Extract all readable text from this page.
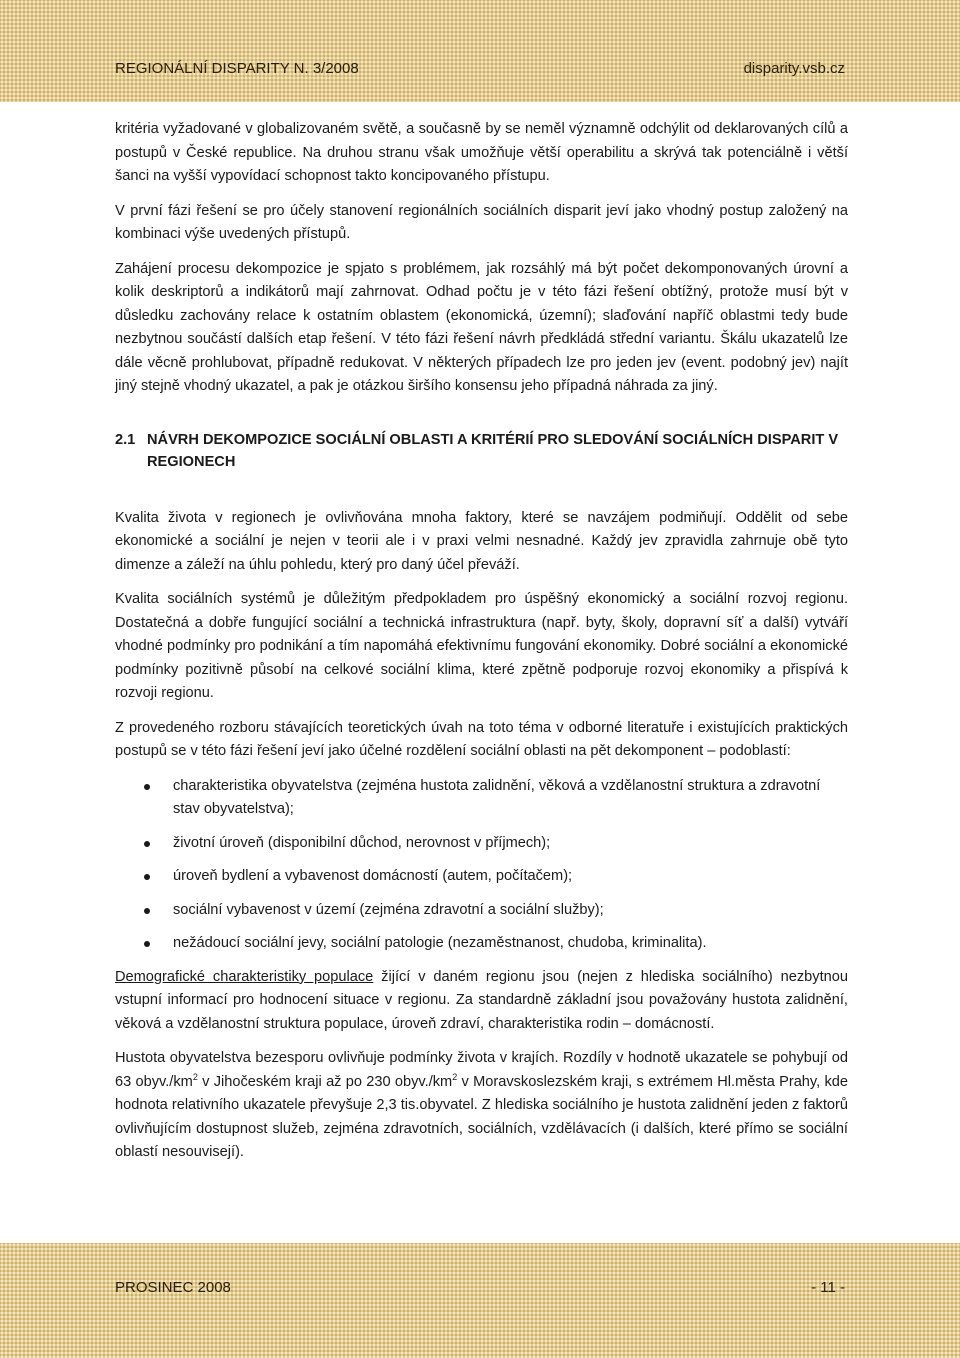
REGIONÁLNÍ DISPARITY N. 3/2008	disparity.vsb.cz

kritéria vyžadované v globalizovaném světě, a současně by se neměl významně odchýlit od deklarovaných cílů a postupů v České republice. Na druhou stranu však umožňuje větší operabilitu a skrývá tak potenciálně i větší šanci na vyšší vypovídací schopnost takto koncipovaného přístupu.

V první fázi řešení se pro účely stanovení regionálních sociálních disparit jeví jako vhodný postup založený na kombinaci výše uvedených přístupů.

Zahájení procesu dekompozice je spjato s problémem, jak rozsáhlý má být počet dekomponovaných úrovní a kolik deskriptorů a indikátorů mají zahrnovat. Odhad počtu je v této fázi řešení obtížný, protože musí být v důsledku zachovány relace k ostatním oblastem (ekonomická, územní); slaďování napříč oblastmi tedy bude nezbytnou součástí dalších etap řešení. V této fázi řešení návrh předkládá střední variantu. Škálu ukazatelů lze dále věcně prohlubovat, případně redukovat. V některých případech lze pro jeden jev (event. podobný jev) najít jiný stejně vhodný ukazatel, a pak je otázkou širšího konsensu jeho případná náhrada za jiný.

2.1 NÁVRH DEKOMPOZICE SOCIÁLNÍ OBLASTI A KRITÉRIÍ PRO SLEDOVÁNÍ SOCIÁLNÍCH DISPARIT V REGIONECH

Kvalita života v regionech je ovlivňována mnoha faktory, které se navzájem podmiňují. Oddělit od sebe ekonomické a sociální je nejen v teorii ale i v praxi velmi nesnadné. Každý jev zpravidla zahrnuje obě tyto dimenze a záleží na úhlu pohledu, který pro daný účel převáží.

Kvalita sociálních systémů je důležitým předpokladem pro úspěšný ekonomický a sociální rozvoj regionu. Dostatečná a dobře fungující sociální a technická infrastruktura (např. byty, školy, dopravní síť a další) vytváří vhodné podmínky pro podnikání a tím napomáhá efektivnímu fungování ekonomiky. Dobré sociální a ekonomické podmínky pozitivně působí na celkové sociální klima, které zpětně podporuje rozvoj ekonomiky a přispívá k rozvoji regionu.

Z provedeného rozboru stávajících teoretických úvah na toto téma v odborné literatuře i existujících praktických postupů se v této fázi řešení jeví jako účelné rozdělení sociální oblasti na pět dekomponent – podoblastí:

charakteristika obyvatelstva (zejména hustota zalidnění, věková a vzdělanostní struktura a zdravotní stav obyvatelstva);
životní úroveň (disponibilní důchod, nerovnost v příjmech);
úroveň bydlení a vybavenost domácností (autem, počítačem);
sociální vybavenost v území (zejména zdravotní a sociální služby);
nežádoucí sociální jevy, sociální patologie (nezaměstnanost, chudoba, kriminalita).

Demografické charakteristiky populace žijící v daném regionu jsou (nejen z hlediska sociálního) nezbytnou vstupní informací pro hodnocení situace v regionu. Za standardně základní jsou považovány hustota zalidnění, věková a vzdělanostní struktura populace, úroveň zdraví, charakteristika rodin – domácností.

Hustota obyvatelstva bezesporu ovlivňuje podmínky života v krajích. Rozdíly v hodnotě ukazatele se pohybují od 63 $obyv./km^2$ v Jihočeském kraji až po 230 $obyv./km^2$ v Moravskoslezském kraji, s extrémem Hl.města Prahy, kde hodnota relativního ukazatele převyšuje 2,3 tis.obyvatel. Z hlediska sociálního je hustota zalidnění jeden z faktorů ovlivňujícím dostupnost služeb, zejména zdravotních, sociálních, vzdělávacích (i dalších, které přímo se sociální oblastí nesouvisejí).

PROSINEC 2008	- 11 -
